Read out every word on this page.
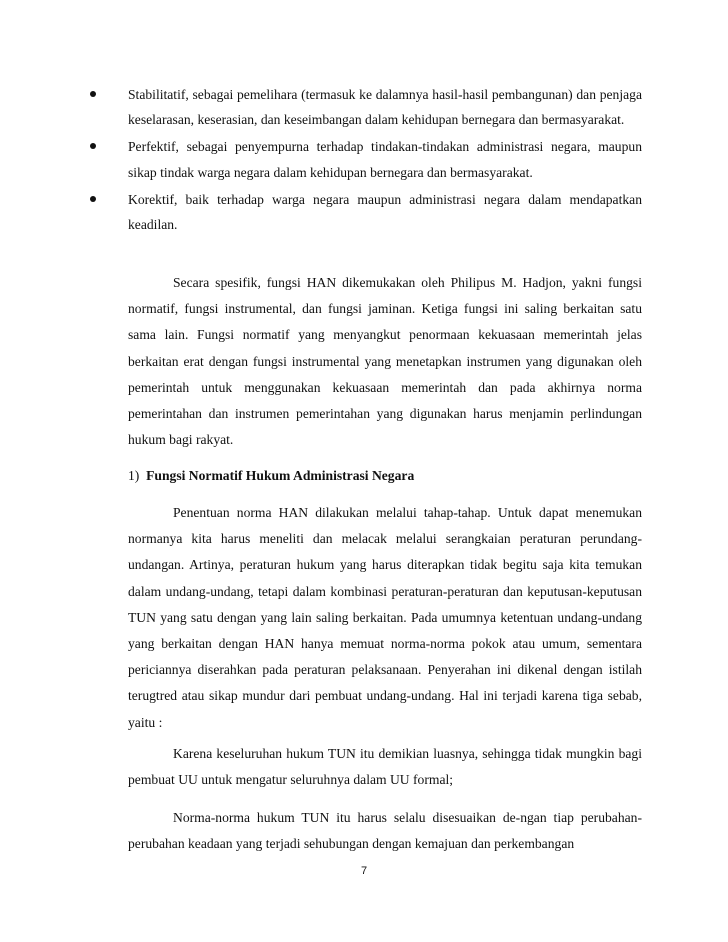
Stabilitatif, sebagai pemelihara (termasuk ke dalamnya hasil-hasil pembangunan) dan penjaga keselarasan, keserasian, dan keseimbangan dalam kehidupan bernegara dan bermasyarakat.
Perfektif, sebagai penyempurna terhadap tindakan-tindakan administrasi negara, maupun sikap tindak warga negara dalam kehidupan bernegara dan bermasyarakat.
Korektif, baik terhadap warga negara maupun administrasi negara dalam mendapatkan keadilan.

Secara spesifik, fungsi HAN dikemukakan oleh Philipus M. Hadjon, yakni fungsi normatif, fungsi instrumental, dan fungsi jaminan. Ketiga fungsi ini saling berkaitan satu sama lain. Fungsi normatif yang menyangkut penormaan kekuasaan memerintah jelas berkaitan erat dengan fungsi instrumental yang menetapkan instrumen yang digunakan oleh pemerintah untuk menggunakan kekuasaan memerintah dan pada akhirnya norma pemerintahan dan instrumen pemerintahan yang digunakan harus menjamin perlindungan hukum bagi rakyat.

1) Fungsi Normatif Hukum Administrasi Negara

Penentuan norma HAN dilakukan melalui tahap-tahap. Untuk dapat menemukan normanya kita harus meneliti dan melacak melalui serangkaian peraturan perundang-undangan. Artinya, peraturan hukum yang harus diterapkan tidak begitu saja kita temukan dalam undang-undang, tetapi dalam kombinasi peraturan-peraturan dan keputusan-keputusan TUN yang satu dengan yang lain saling berkaitan. Pada umumnya ketentuan undang-undang yang berkaitan dengan HAN hanya memuat norma-norma pokok atau umum, sementara periciannya diserahkan pada peraturan pelaksanaan. Penyerahan ini dikenal dengan istilah terugtred atau sikap mundur dari pembuat undang-undang. Hal ini terjadi karena tiga sebab, yaitu :

Karena keseluruhan hukum TUN itu demikian luasnya, sehingga tidak mungkin bagi pembuat UU untuk mengatur seluruhnya dalam UU formal;

Norma-norma hukum TUN itu harus selalu disesuaikan de-ngan tiap perubahan-perubahan keadaan yang terjadi sehubungan dengan kemajuan dan perkembangan

7
